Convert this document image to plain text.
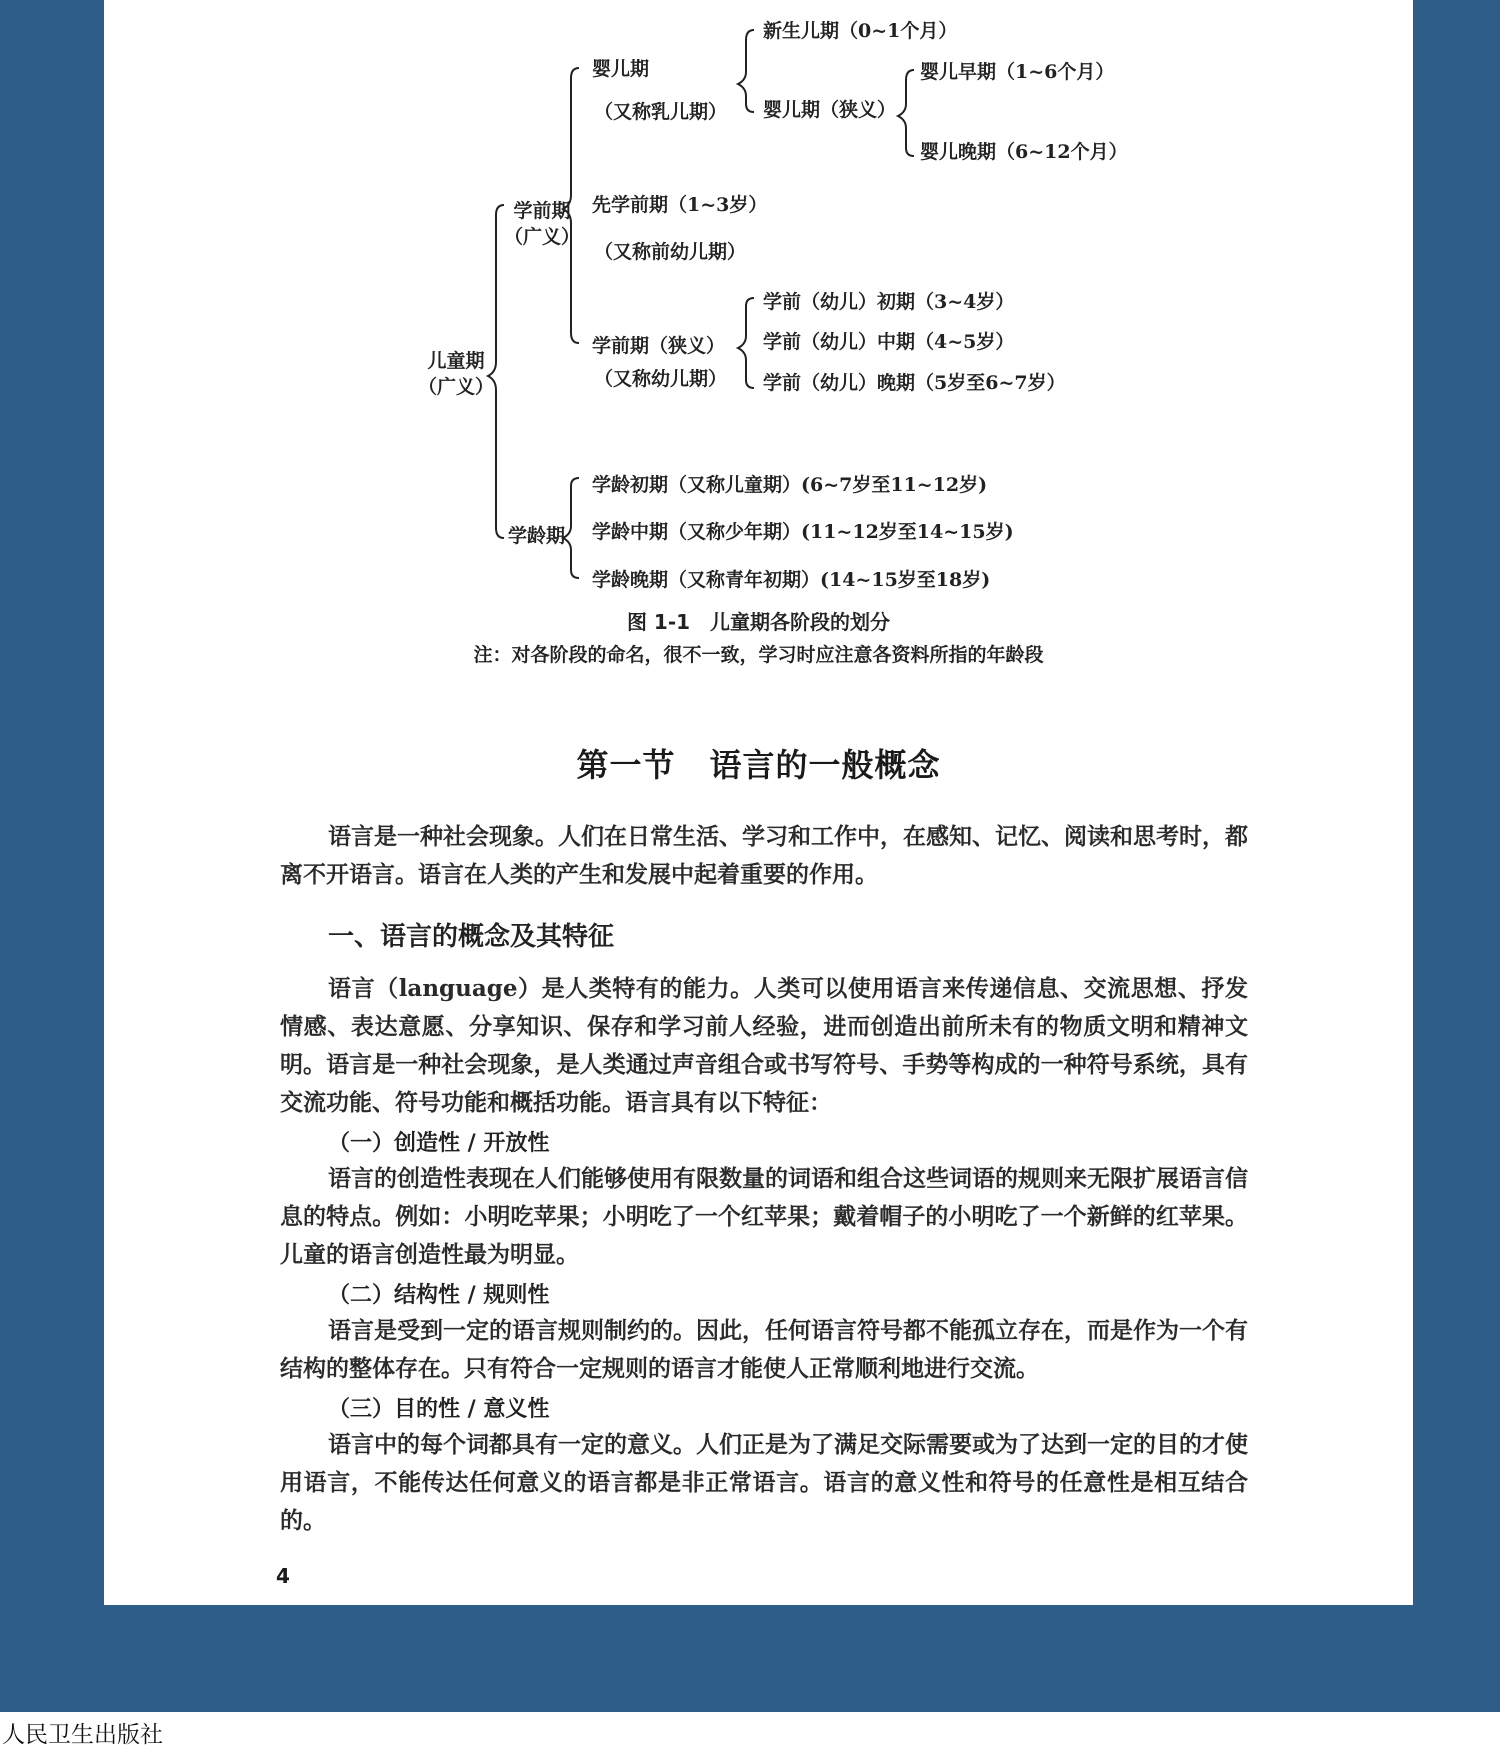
儿童期
（广义）
学前期
（广义）
婴儿期
（又称乳儿期）
新生儿期（0~1个月）
婴儿期（狭义）
婴儿早期（1~6个月）
婴儿晚期（6~12个月）
先学前期（1~3岁）
（又称前幼儿期）
学前期（狭义）
（又称幼儿期）
学前（幼儿）初期（3~4岁）
学前（幼儿）中期（4~5岁）
学前（幼儿）晚期（5岁至6~7岁）
学龄期
学龄初期（又称儿童期）(6~7岁至11~12岁)
学龄中期（又称少年期）(11~12岁至14~15岁)
学龄晚期（又称青年初期）(14~15岁至18岁)
图 1-1　儿童期各阶段的划分
注：对各阶段的命名，很不一致，学习时应注意各资料所指的年龄段
第一节 语言的一般概念

语言是一种社会现象。人们在日常生活、学习和工作中，在感知、记忆、阅读和思考时，都离不开语言。语言在人类的产生和发展中起着重要的作用。

一、语言的概念及其特征

语言（language）是人类特有的能力。人类可以使用语言来传递信息、交流思想、抒发情感、表达意愿、分享知识、保存和学习前人经验，进而创造出前所未有的物质文明和精神文明。语言是一种社会现象，是人类通过声音组合或书写符号、手势等构成的一种符号系统，具有交流功能、符号功能和概括功能。语言具有以下特征：

（一）创造性 / 开放性

语言的创造性表现在人们能够使用有限数量的词语和组合这些词语的规则来无限扩展语言信息的特点。例如：小明吃苹果；小明吃了一个红苹果；戴着帽子的小明吃了一个新鲜的红苹果。儿童的语言创造性最为明显。

（二）结构性 / 规则性

语言是受到一定的语言规则制约的。因此，任何语言符号都不能孤立存在，而是作为一个有结构的整体存在。只有符合一定规则的语言才能使人正常顺利地进行交流。

（三）目的性 / 意义性

语言中的每个词都具有一定的意义。人们正是为了满足交际需要或为了达到一定的目的才使用语言，不能传达任何意义的语言都是非正常语言。语言的意义性和符号的任意性是相互结合的。

4
人民卫生出版社
